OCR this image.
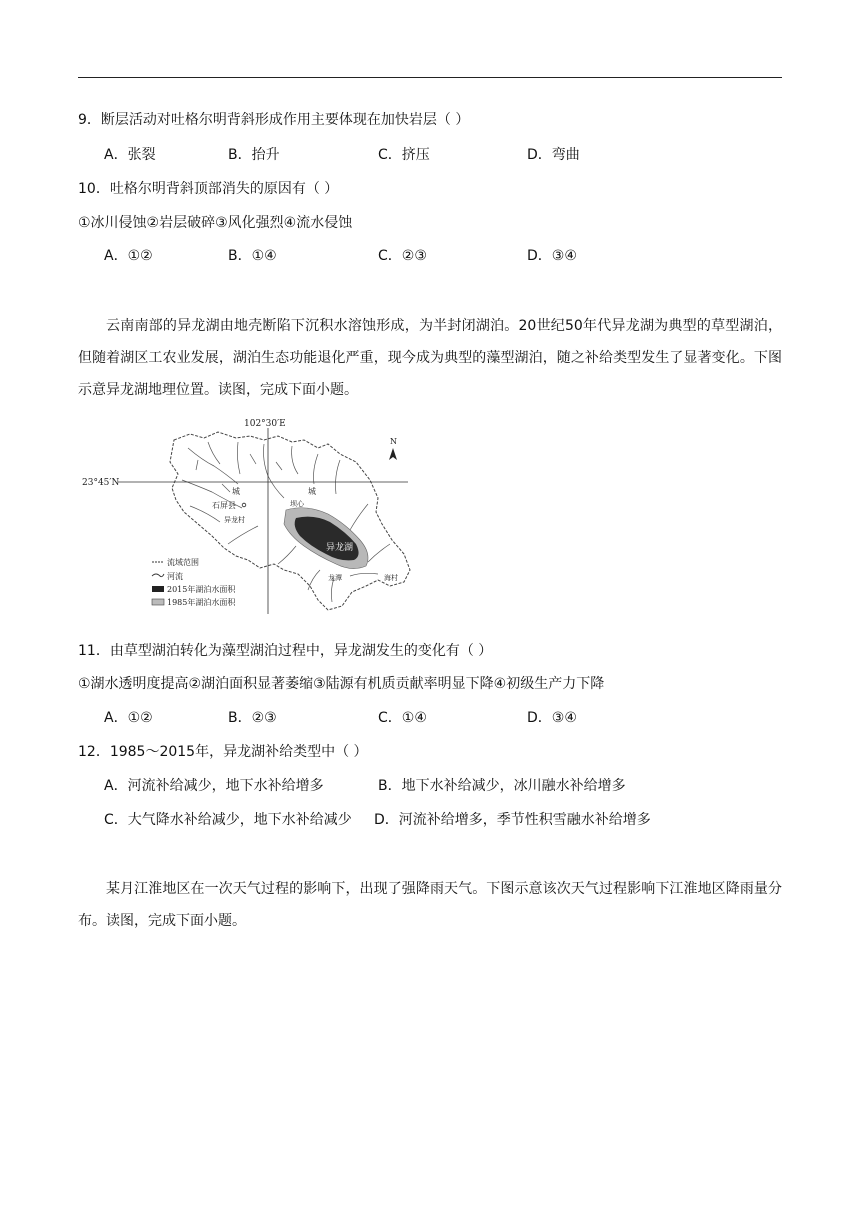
9．断层活动对吐格尔明背斜形成作用主要体现在加快岩层（ ）
A．张裂	B．抬升	C．挤压	D．弯曲
10．吐格尔明背斜顶部消失的原因有（ ）
①冰川侵蚀②岩层破碎③风化强烈④流水侵蚀
A．①②	B．①④	C．②③	D．③④
云南南部的异龙湖由地壳断陷下沉积水溶蚀形成，为半封闭湖泊。20世纪50年代异龙湖为典型的草型湖泊，但随着湖区工农业发展，湖泊生态功能退化严重，现今成为典型的藻型湖泊，随之补给类型发生了显著变化。下图示意异龙湖地理位置。读图，完成下面小题。
异龙湖
102°30′E
23°45′N
N
城	城
石屏县
异龙村
坝心
龙潭	海村
流域范围
河流
2015年湖泊水面积
1985年湖泊水面积
11．由草型湖泊转化为藻型湖泊过程中，异龙湖发生的变化有（ ）
①湖水透明度提高②湖泊面积显著萎缩③陆源有机质贡献率明显下降④初级生产力下降
A．①②	B．②③	C．①④	D．③④
12．1985～2015年，异龙湖补给类型中（ ）
A．河流补给减少，地下水补给增多	B．地下水补给减少，冰川融水补给增多
C．大气降水补给减少，地下水补给减少 D．河流补给增多，季节性积雪融水补给增多
某月江淮地区在一次天气过程的影响下，出现了强降雨天气。下图示意该次天气过程影响下江淮地区降雨量分布。读图，完成下面小题。
